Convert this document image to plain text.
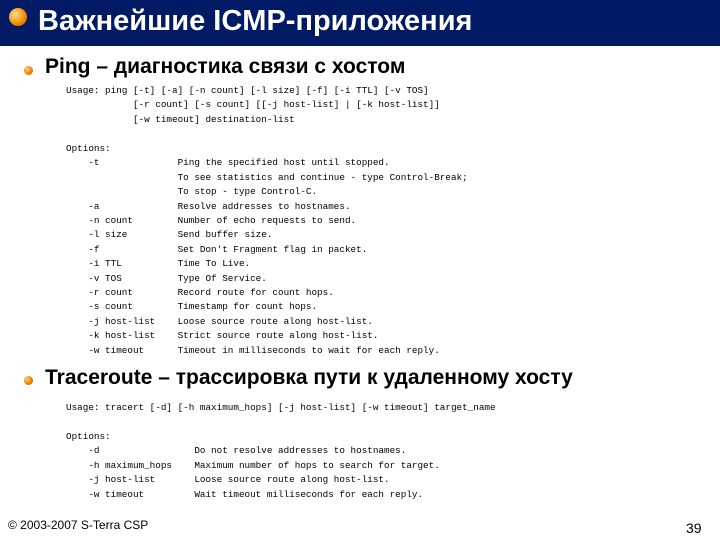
Важнейшие ICMP-приложения
Ping – диагностика связи с хостом
Usage: ping [-t] [-a] [-n count] [-l size] [-f] [-i TTL] [-v TOS]
[-r count] [-s count] [[-j host-list] | [-k host-list]]
[-w timeout] destination-list
Options:
-t              Ping the specified host until stopped.
To see statistics and continue - type Control-Break;
To stop - type Control-C.
-a              Resolve addresses to hostnames.
-n count        Number of echo requests to send.
-l size         Send buffer size.
-f              Set Don't Fragment flag in packet.
-i TTL          Time To Live.
-v TOS          Type Of Service.
-r count        Record route for count hops.
-s count        Timestamp for count hops.
-j host-list    Loose source route along host-list.
-k host-list    Strict source route along host-list.
-w timeout      Timeout in milliseconds to wait for each reply.
Traceroute – трассировка пути к удаленному хосту
Usage: tracert [-d] [-h maximum_hops] [-j host-list] [-w timeout] target_name
Options:
-d                 Do not resolve addresses to hostnames.
-h maximum_hops    Maximum number of hops to search for target.
-j host-list       Loose source route along host-list.
-w timeout         Wait timeout milliseconds for each reply.
© 2003-2007 S-Terra CSP	39
